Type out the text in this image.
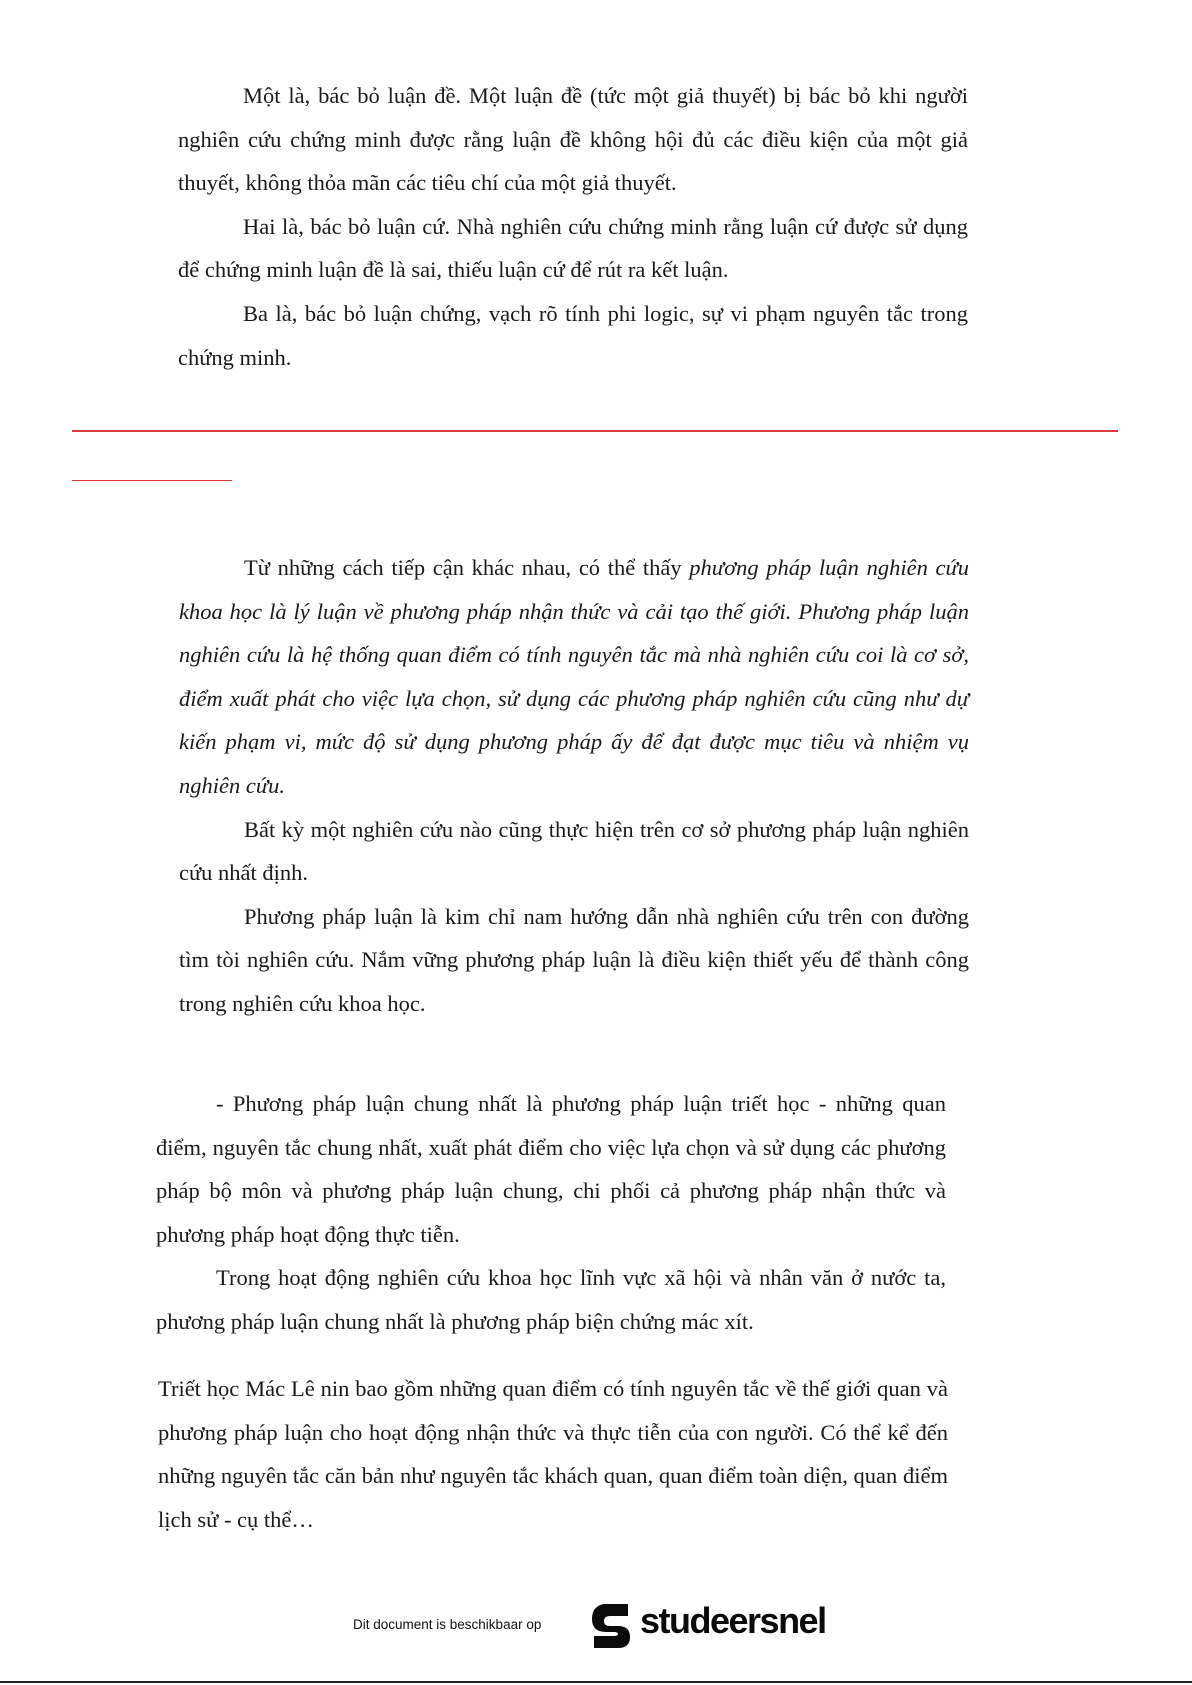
Một là, bác bỏ luận đề. Một luận đề (tức một giả thuyết) bị bác bỏ khi người nghiên cứu chứng minh được rằng luận đề không hội đủ các điều kiện của một giả thuyết, không thỏa mãn các tiêu chí của một giả thuyết.

Hai là, bác bỏ luận cứ. Nhà nghiên cứu chứng minh rằng luận cứ được sử dụng để chứng minh luận đề là sai, thiếu luận cứ để rút ra kết luận.

Ba là, bác bỏ luận chứng, vạch rõ tính phi logic, sự vi phạm nguyên tắc trong chứng minh.

Từ những cách tiếp cận khác nhau, có thể thấy phương pháp luận nghiên cứu khoa học là lý luận về phương pháp nhận thức và cải tạo thế giới. Phương pháp luận nghiên cứu là hệ thống quan điểm có tính nguyên tắc mà nhà nghiên cứu coi là cơ sở, điểm xuất phát cho việc lựa chọn, sử dụng các phương pháp nghiên cứu cũng như dự kiến phạm vi, mức độ sử dụng phương pháp ấy để đạt được mục tiêu và nhiệm vụ nghiên cứu.

Bất kỳ một nghiên cứu nào cũng thực hiện trên cơ sở phương pháp luận nghiên cứu nhất định.

Phương pháp luận là kim chỉ nam hướng dẫn nhà nghiên cứu trên con đường tìm tòi nghiên cứu. Nắm vững phương pháp luận là điều kiện thiết yếu để thành công trong nghiên cứu khoa học.

- Phương pháp luận chung nhất là phương pháp luận triết học - những quan điểm, nguyên tắc chung nhất, xuất phát điểm cho việc lựa chọn và sử dụng các phương pháp bộ môn và phương pháp luận chung, chi phối cả phương pháp nhận thức và phương pháp hoạt động thực tiễn.

Trong hoạt động nghiên cứu khoa học lĩnh vực xã hội và nhân văn ở nước ta, phương pháp luận chung nhất là phương pháp biện chứng mác xít.

Triết học Mác Lê nin bao gồm những quan điểm có tính nguyên tắc về thế giới quan và phương pháp luận cho hoạt động nhận thức và thực tiễn của con người. Có thể kể đến những nguyên tắc căn bản như nguyên tắc khách quan, quan điểm toàn diện, quan điểm lịch sử - cụ thể…

Dit document is beschikbaar op	studeersnel
